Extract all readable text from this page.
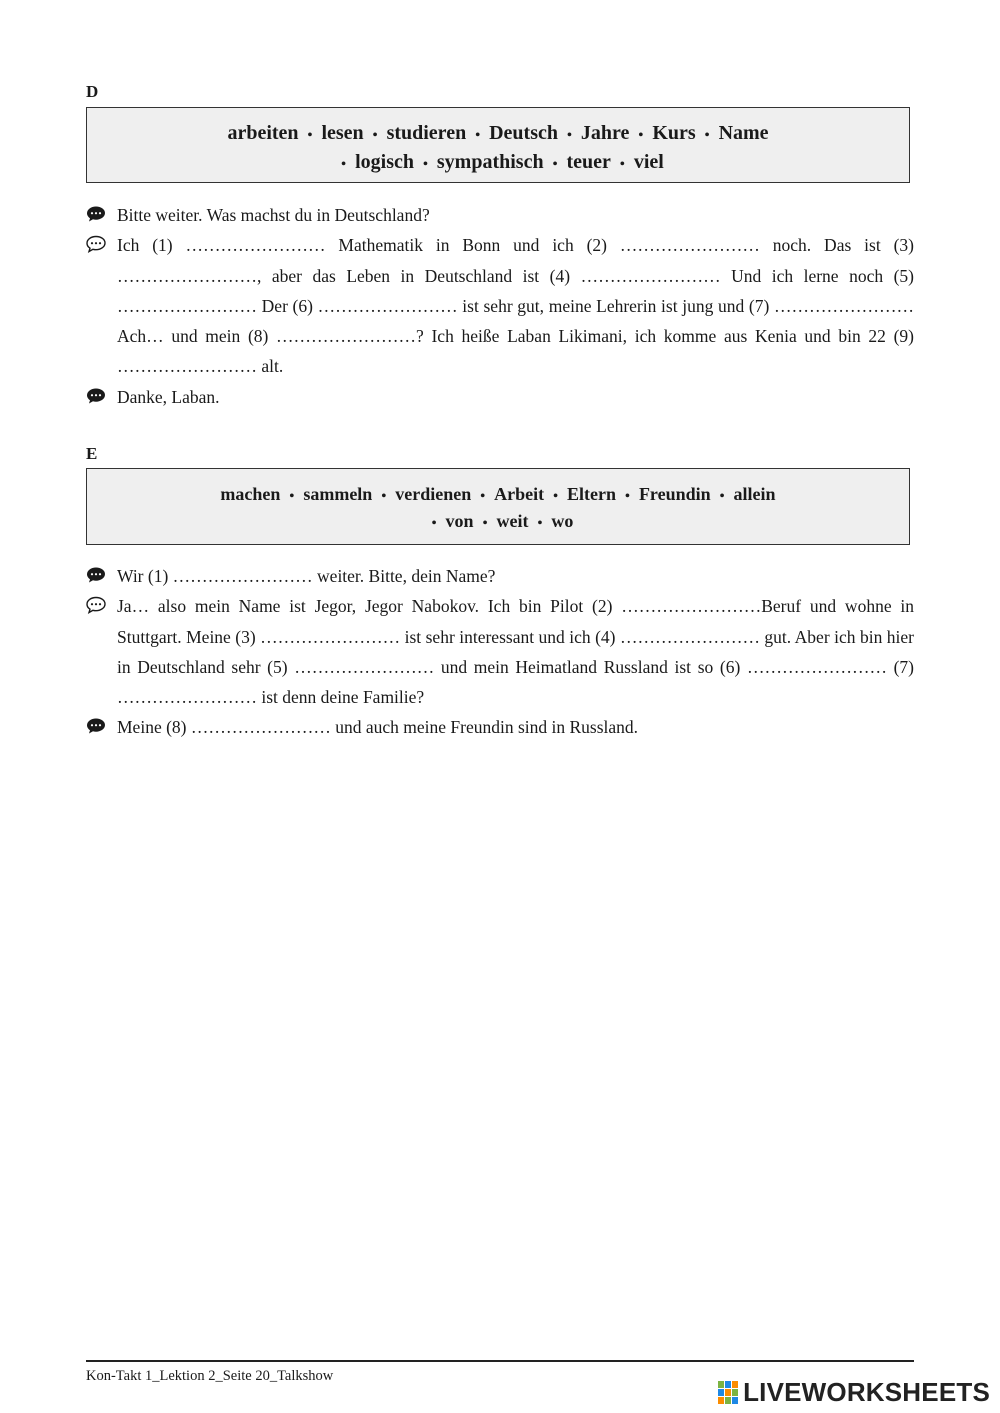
D
arbeiten • lesen • studieren • Deutsch • Jahre • Kurs • Name
• logisch • sympathisch • teuer • viel
Bitte weiter. Was machst du in Deutschland?
Ich (1) …………………… Mathematik in Bonn und ich (2) …………………… noch. Das ist (3) ……………………, aber das Leben in Deutschland ist (4) …………………… Und ich lerne noch (5) …………………… Der (6) …………………… ist sehr gut, meine Lehrerin ist jung und (7) …………………… Ach… und mein (8) ……………………? Ich heiße Laban Likimani, ich komme aus Kenia und bin 22 (9) …………………… alt.
Danke, Laban.
E
machen • sammeln • verdienen • Arbeit • Eltern • Freundin • allein
• von • weit • wo
Wir (1) …………………… weiter. Bitte, dein Name?
Ja… also mein Name ist Jegor, Jegor Nabokov. Ich bin Pilot (2) ……………………Beruf und wohne in Stuttgart. Meine (3) …………………… ist sehr interessant und ich (4) …………………… gut. Aber ich bin hier in Deutschland sehr (5) …………………… und mein Heimatland Russland ist so (6) …………………… (7) …………………… ist denn deine Familie?
Meine (8) …………………… und auch meine Freundin sind in Russland.
Kon-Takt 1_Lektion 2_Seite 20_Talkshow
LIVEWORKSHEETS
